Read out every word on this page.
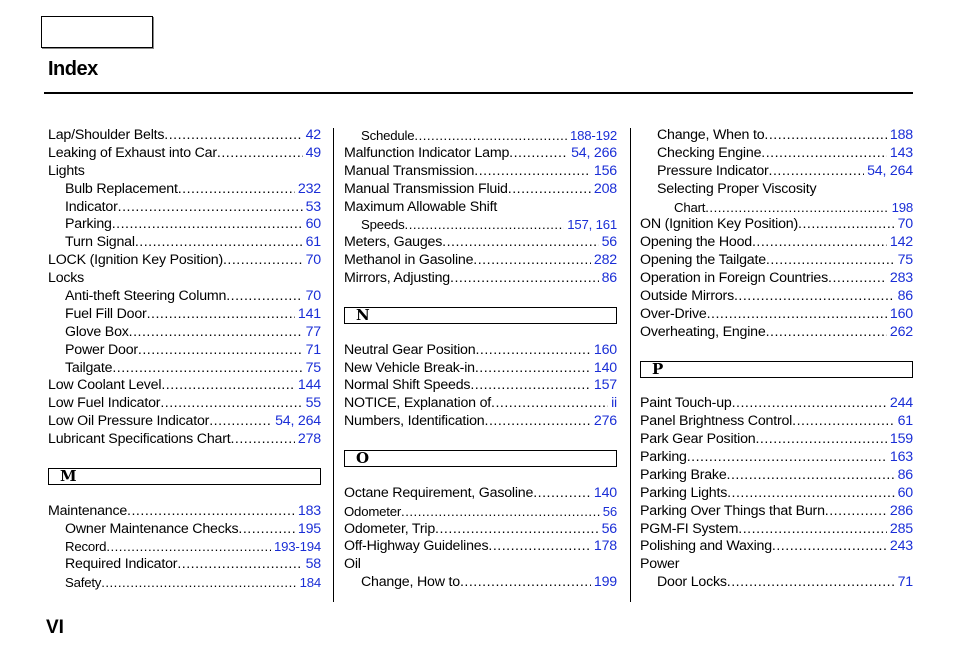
Index
Lap/Shoulder Belts .....	42
Leaking of Exhaust into Car .....	49
Lights
Bulb Replacement .....	232
Indicator .....	53
Parking .....	60
Turn Signal .....	61
LOCK (Ignition Key Position) .....	70
Locks
Anti-theft Steering Column .....	70
Fuel Fill Door .....	141
Glove Box .....	77
Power Door .....	71
Tailgate .....	75
Low Coolant Level .....	144
Low Fuel Indicator .....	55
Low Oil Pressure Indicator .....	54, 264
Lubricant Specifications Chart .....	278
M
Maintenance .....	183
Owner Maintenance Checks .....	195
Record .....	193-194
Required Indicator .....	58
Safety .....	184
Schedule .....	188-192
Malfunction Indicator Lamp .....	54, 266
Manual Transmission .....	156
Manual Transmission Fluid .....	208
Maximum Allowable Shift
Speeds .....	157, 161
Meters, Gauges .....	56
Methanol in Gasoline .....	282
Mirrors, Adjusting .....	86
N
Neutral Gear Position .....	160
New Vehicle Break-in .....	140
Normal Shift Speeds .....	157
NOTICE, Explanation of .....	ii
Numbers, Identification .....	276
O
Octane Requirement, Gasoline .....	140
Odometer .....	56
Odometer, Trip .....	56
Off-Highway Guidelines .....	178
Oil
Change, How to .....	199
Change, When to .....	188
Checking Engine .....	143
Pressure Indicator .....	54, 264
Selecting Proper Viscosity
Chart .....	198
ON (Ignition Key Position) .....	70
Opening the Hood .....	142
Opening the Tailgate .....	75
Operation in Foreign Countries .....	283
Outside Mirrors .....	86
Over-Drive .....	160
Overheating, Engine .....	262
P
Paint Touch-up .....	244
Panel Brightness Control .....	61
Park Gear Position .....	159
Parking .....	163
Parking Brake .....	86
Parking Lights .....	60
Parking Over Things that Burn .....	286
PGM-FI System .....	285
Polishing and Waxing .....	243
Power
Door Locks .....	71
VI
